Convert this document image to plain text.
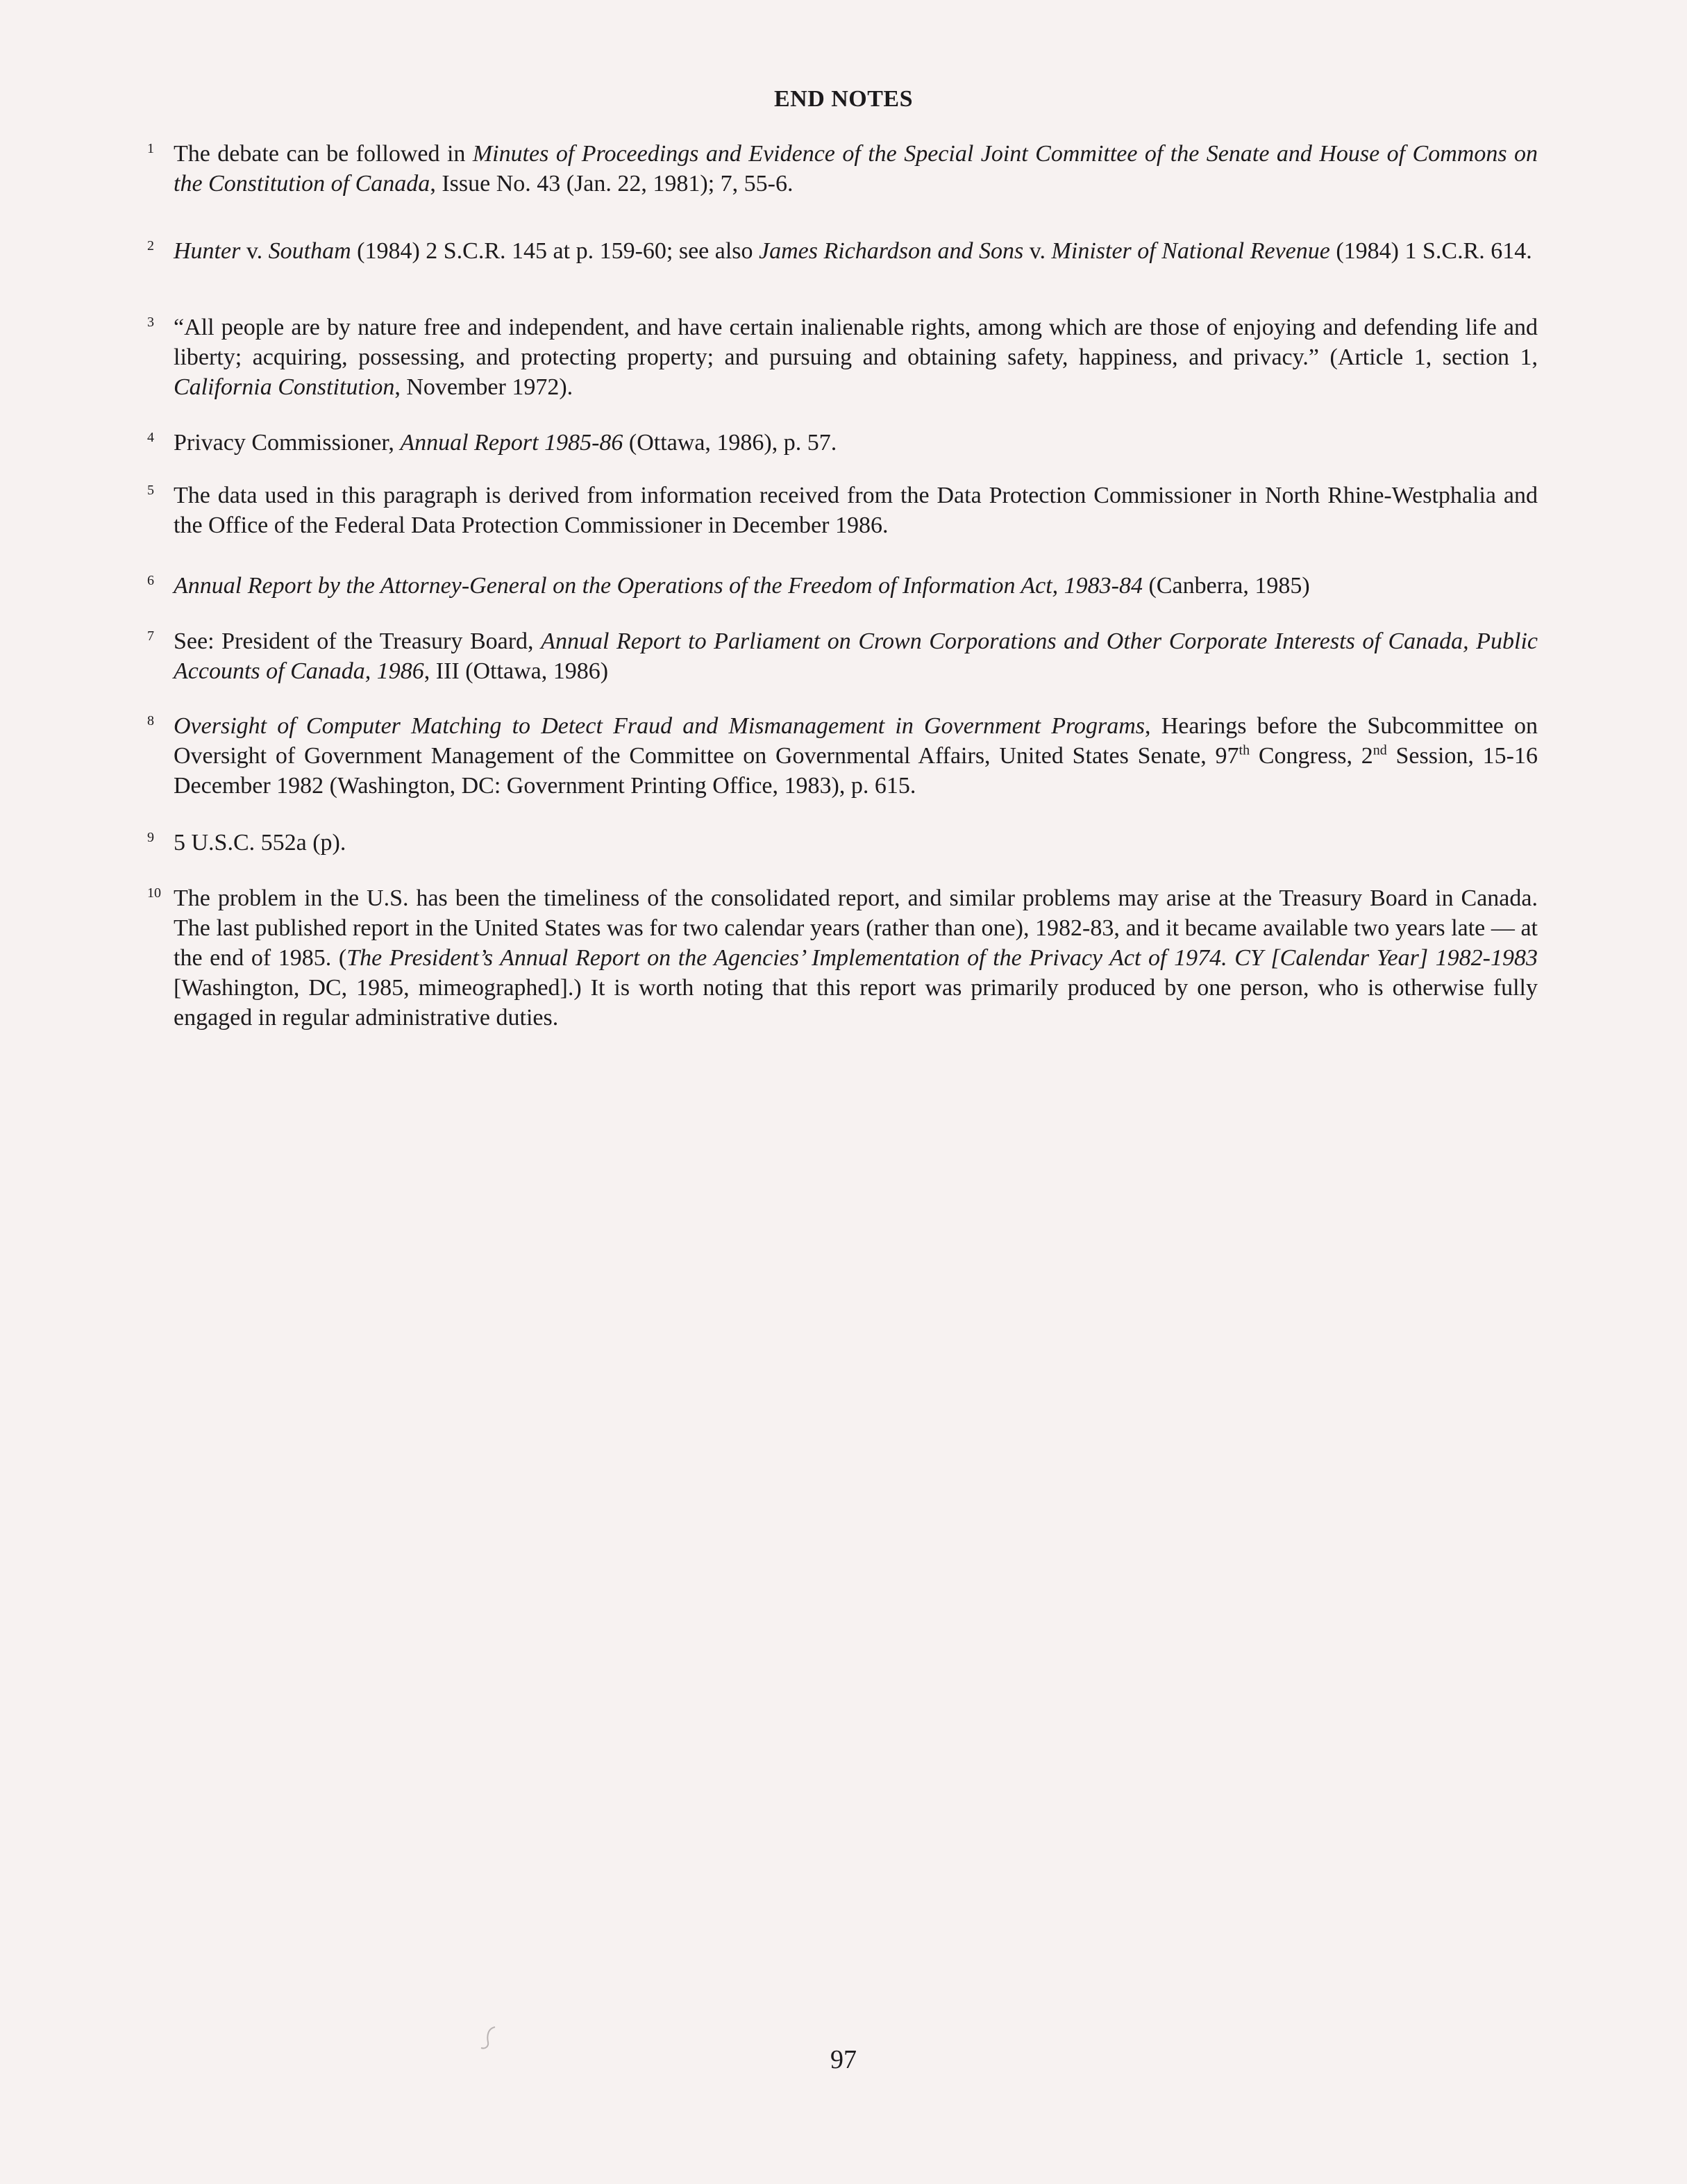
END NOTES
1 The debate can be followed in Minutes of Proceedings and Evidence of the Special Joint Committee of the Senate and House of Commons on the Constitution of Canada, Issue No. 43 (Jan. 22, 1981); 7, 55-6.
2 Hunter v. Southam (1984) 2 S.C.R. 145 at p. 159-60; see also James Richardson and Sons v. Minister of National Revenue (1984) 1 S.C.R. 614.
3 “All people are by nature free and independent, and have certain inalienable rights, among which are those of enjoying and defending life and liberty; acquiring, possessing, and protecting property; and pursuing and obtaining safety, happiness, and privacy.” (Article 1, section 1, California Constitution, November 1972).
4 Privacy Commissioner, Annual Report 1985-86 (Ottawa, 1986), p. 57.
5 The data used in this paragraph is derived from information received from the Data Protection Commissioner in North Rhine-Westphalia and the Office of the Federal Data Protection Commissioner in December 1986.
6 Annual Report by the Attorney-General on the Operations of the Freedom of Information Act, 1983-84 (Canberra, 1985)
7 See: President of the Treasury Board, Annual Report to Parliament on Crown Corporations and Other Corporate Interests of Canada, Public Accounts of Canada, 1986, III (Ottawa, 1986)
8 Oversight of Computer Matching to Detect Fraud and Mismanagement in Government Programs, Hearings before the Subcommittee on Oversight of Government Management of the Committee on Governmental Affairs, United States Senate, 97th Congress, 2nd Session, 15-16 December 1982 (Washington, DC: Government Printing Office, 1983), p. 615.
9 5 U.S.C. 552a (p).
10 The problem in the U.S. has been the timeliness of the consolidated report, and similar problems may arise at the Treasury Board in Canada. The last published report in the United States was for two calendar years (rather than one), 1982-83, and it became available two years late — at the end of 1985. (The President’s Annual Report on the Agencies’ Implementation of the Privacy Act of 1974. CY [Calendar Year] 1982-1983 [Washington, DC, 1985, mimeographed].) It is worth noting that this report was primarily produced by one person, who is otherwise fully engaged in regular administrative duties.
97
